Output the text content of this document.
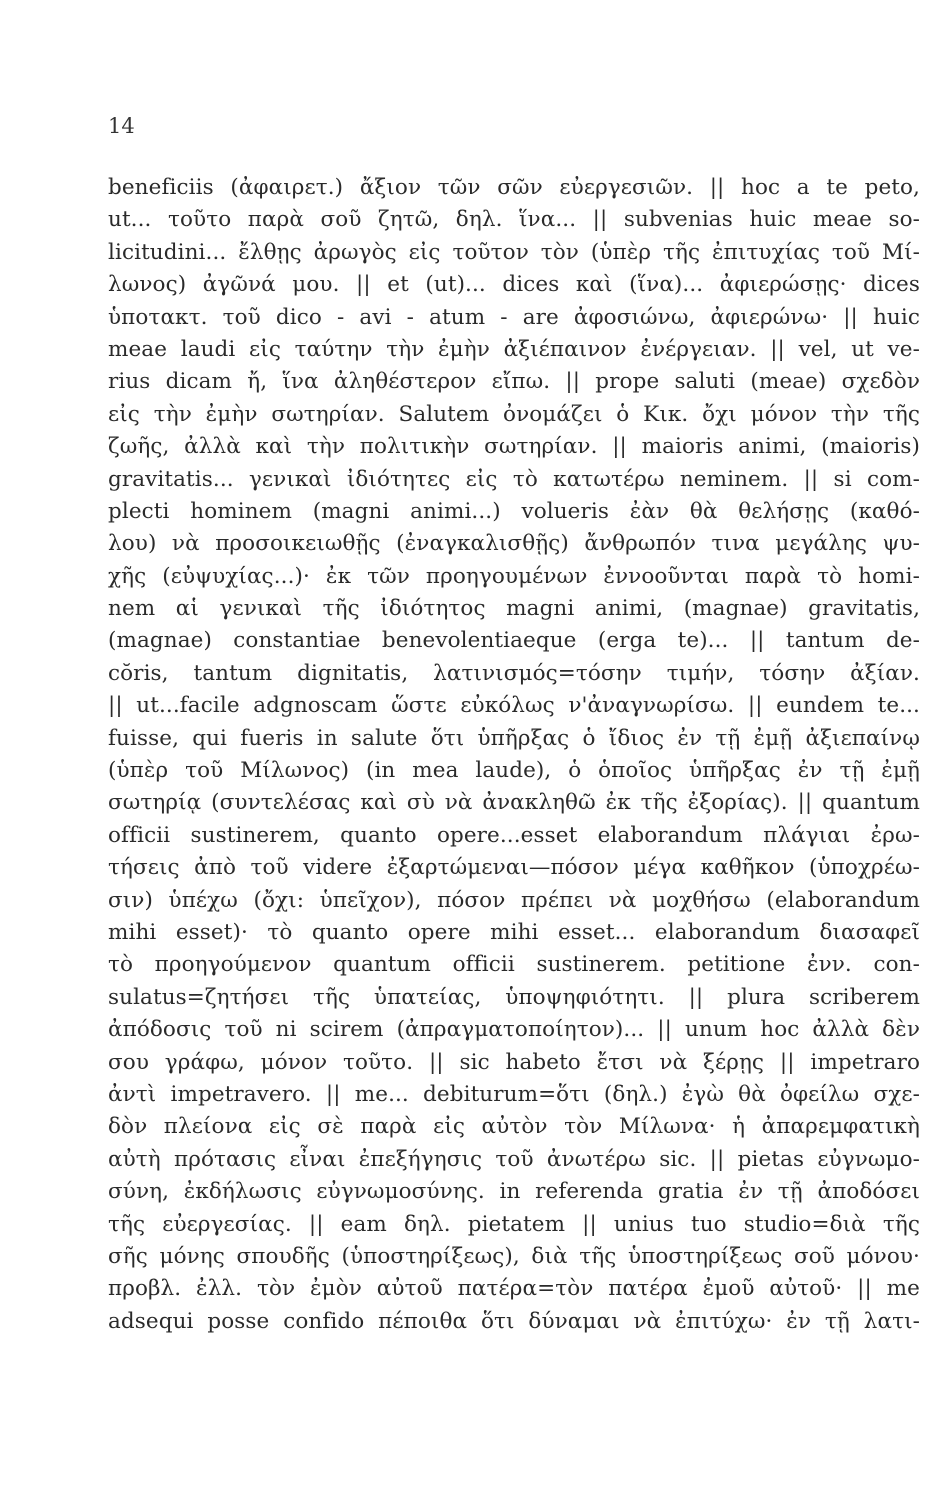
14
beneficiis (ἀφαιρετ.) ἄξιον τῶν σῶν εὐεργεσιῶν. || hoc a te peto,
ut... τοῦτο παρὰ σοῦ ζητῶ, δηλ. ἵνα... || subvenias huic meae so-
licitudini... ἔλθῃς ἀρωγὸς εἰς τοῦτον τὸν (ὑπὲρ τῆς ἐπιτυχίας τοῦ Μί-
λωνος) ἀγῶνά μου. || et (ut)... dices καὶ (ἵνα)... ἀφιερώσῃς· dices
ὑποτακτ. τοῦ dico - avi - atum - are ἀφοσιώνω, ἀφιερώνω· || huic
meae laudi εἰς ταύτην τὴν ἐμὴν ἀξιέπαινον ἐνέργειαν. || vel, ut ve-
rius dicam ἤ, ἵνα ἀληθέστερον εἴπω. || prope saluti (meae) σχεδὸν
εἰς τὴν ἐμὴν σωτηρίαν. Salutem ὀνομάζει ὁ Κικ. ὄχι μόνον τὴν τῆς
ζωῆς, ἀλλὰ καὶ τὴν πολιτικὴν σωτηρίαν. || maioris animi, (maioris)
gravitatis... γενικαὶ ἰδιότητες εἰς τὸ κατωτέρω neminem. || si com-
plecti hominem (magni animi...) volueris ἐὰν θὰ θελήσῃς (καθό-
λου) νὰ προσοικειωθῇς (ἐναγκαλισθῇς) ἄνθρωπόν τινα μεγάλης ψυ-
χῆς (εὐψυχίας...)· ἐκ τῶν προηγουμένων ἐννοοῦνται παρὰ τὸ homi-
nem αἱ γενικαὶ τῆς ἰδιότητος magni animi, (magnae) gravitatis,
(magnae) constantiae benevolentiaeque (erga te)... || tantum de-
cŏris, tantum dignitatis, λατινισμός=τόσην τιμήν, τόσην ἀξίαν.
|| ut...facile adgnoscam ὥστε εὐκόλως ν'ἀναγνωρίσω. || eundem te...
fuisse, qui fueris in salute ὅτι ὑπῆρξας ὁ ἴδιος ἐν τῇ ἐμῇ ἀξιεπαίνῳ
(ὑπὲρ τοῦ Μίλωνος) (in mea laude), ὁ ὁποῖος ὑπῆρξας ἐν τῇ ἐμῇ
σωτηρίᾳ (συντελέσας καὶ σὺ νὰ ἀνακληθῶ ἐκ τῆς ἐξορίας). || quantum
officii sustinerem, quanto opere...esset elaborandum πλάγιαι ἐρω-
τήσεις ἀπὸ τοῦ videre ἐξαρτώμεναι—πόσον μέγα καθῆκον (ὑποχρέω-
σιν) ὑπέχω (ὄχι: ὑπεῖχον), πόσον πρέπει νὰ μοχθήσω (elaborandum
mihi esset)· τὸ quanto opere mihi esset... elaborandum διασαφεῖ
τὸ προηγούμενον quantum officii sustinerem. petitione ἐνν. con-
sulatus=ζητήσει τῆς ὑπατείας, ὑποψηφιότητι. || plura scriberem
ἀπόδοσις τοῦ ni scirem (ἀπραγματοποίητον)... || unum hoc ἀλλὰ δὲν
σου γράφω, μόνον τοῦτο. || sic habeto ἔτσι νὰ ξέρῃς || impetraro
ἀντὶ impetravero. || me... debiturum=ὅτι (δηλ.) ἐγὼ θὰ ὀφείλω σχε-
δὸν πλείονα εἰς σὲ παρὰ εἰς αὐτὸν τὸν Μίλωνα· ἡ ἀπαρεμφατικὴ
αὐτὴ πρότασις εἶναι ἐπεξήγησις τοῦ ἀνωτέρω sic. || pietas εὐγνωμο-
σύνη, ἐκδήλωσις εὐγνωμοσύνης. in referenda gratia ἐν τῇ ἀποδόσει
τῆς εὐεργεσίας. || eam δηλ. pietatem || unius tuo studio=διὰ τῆς
σῆς μόνης σπουδῆς (ὑποστηρίξεως), διὰ τῆς ὑποστηρίξεως σοῦ μόνου·
προβλ. ἐλλ. τὸν ἐμὸν αὐτοῦ πατέρα=τὸν πατέρα ἐμοῦ αὐτοῦ· || me
adsequi posse confido πέποιθα ὅτι δύναμαι νὰ ἐπιτύχω· ἐν τῇ λατι-
